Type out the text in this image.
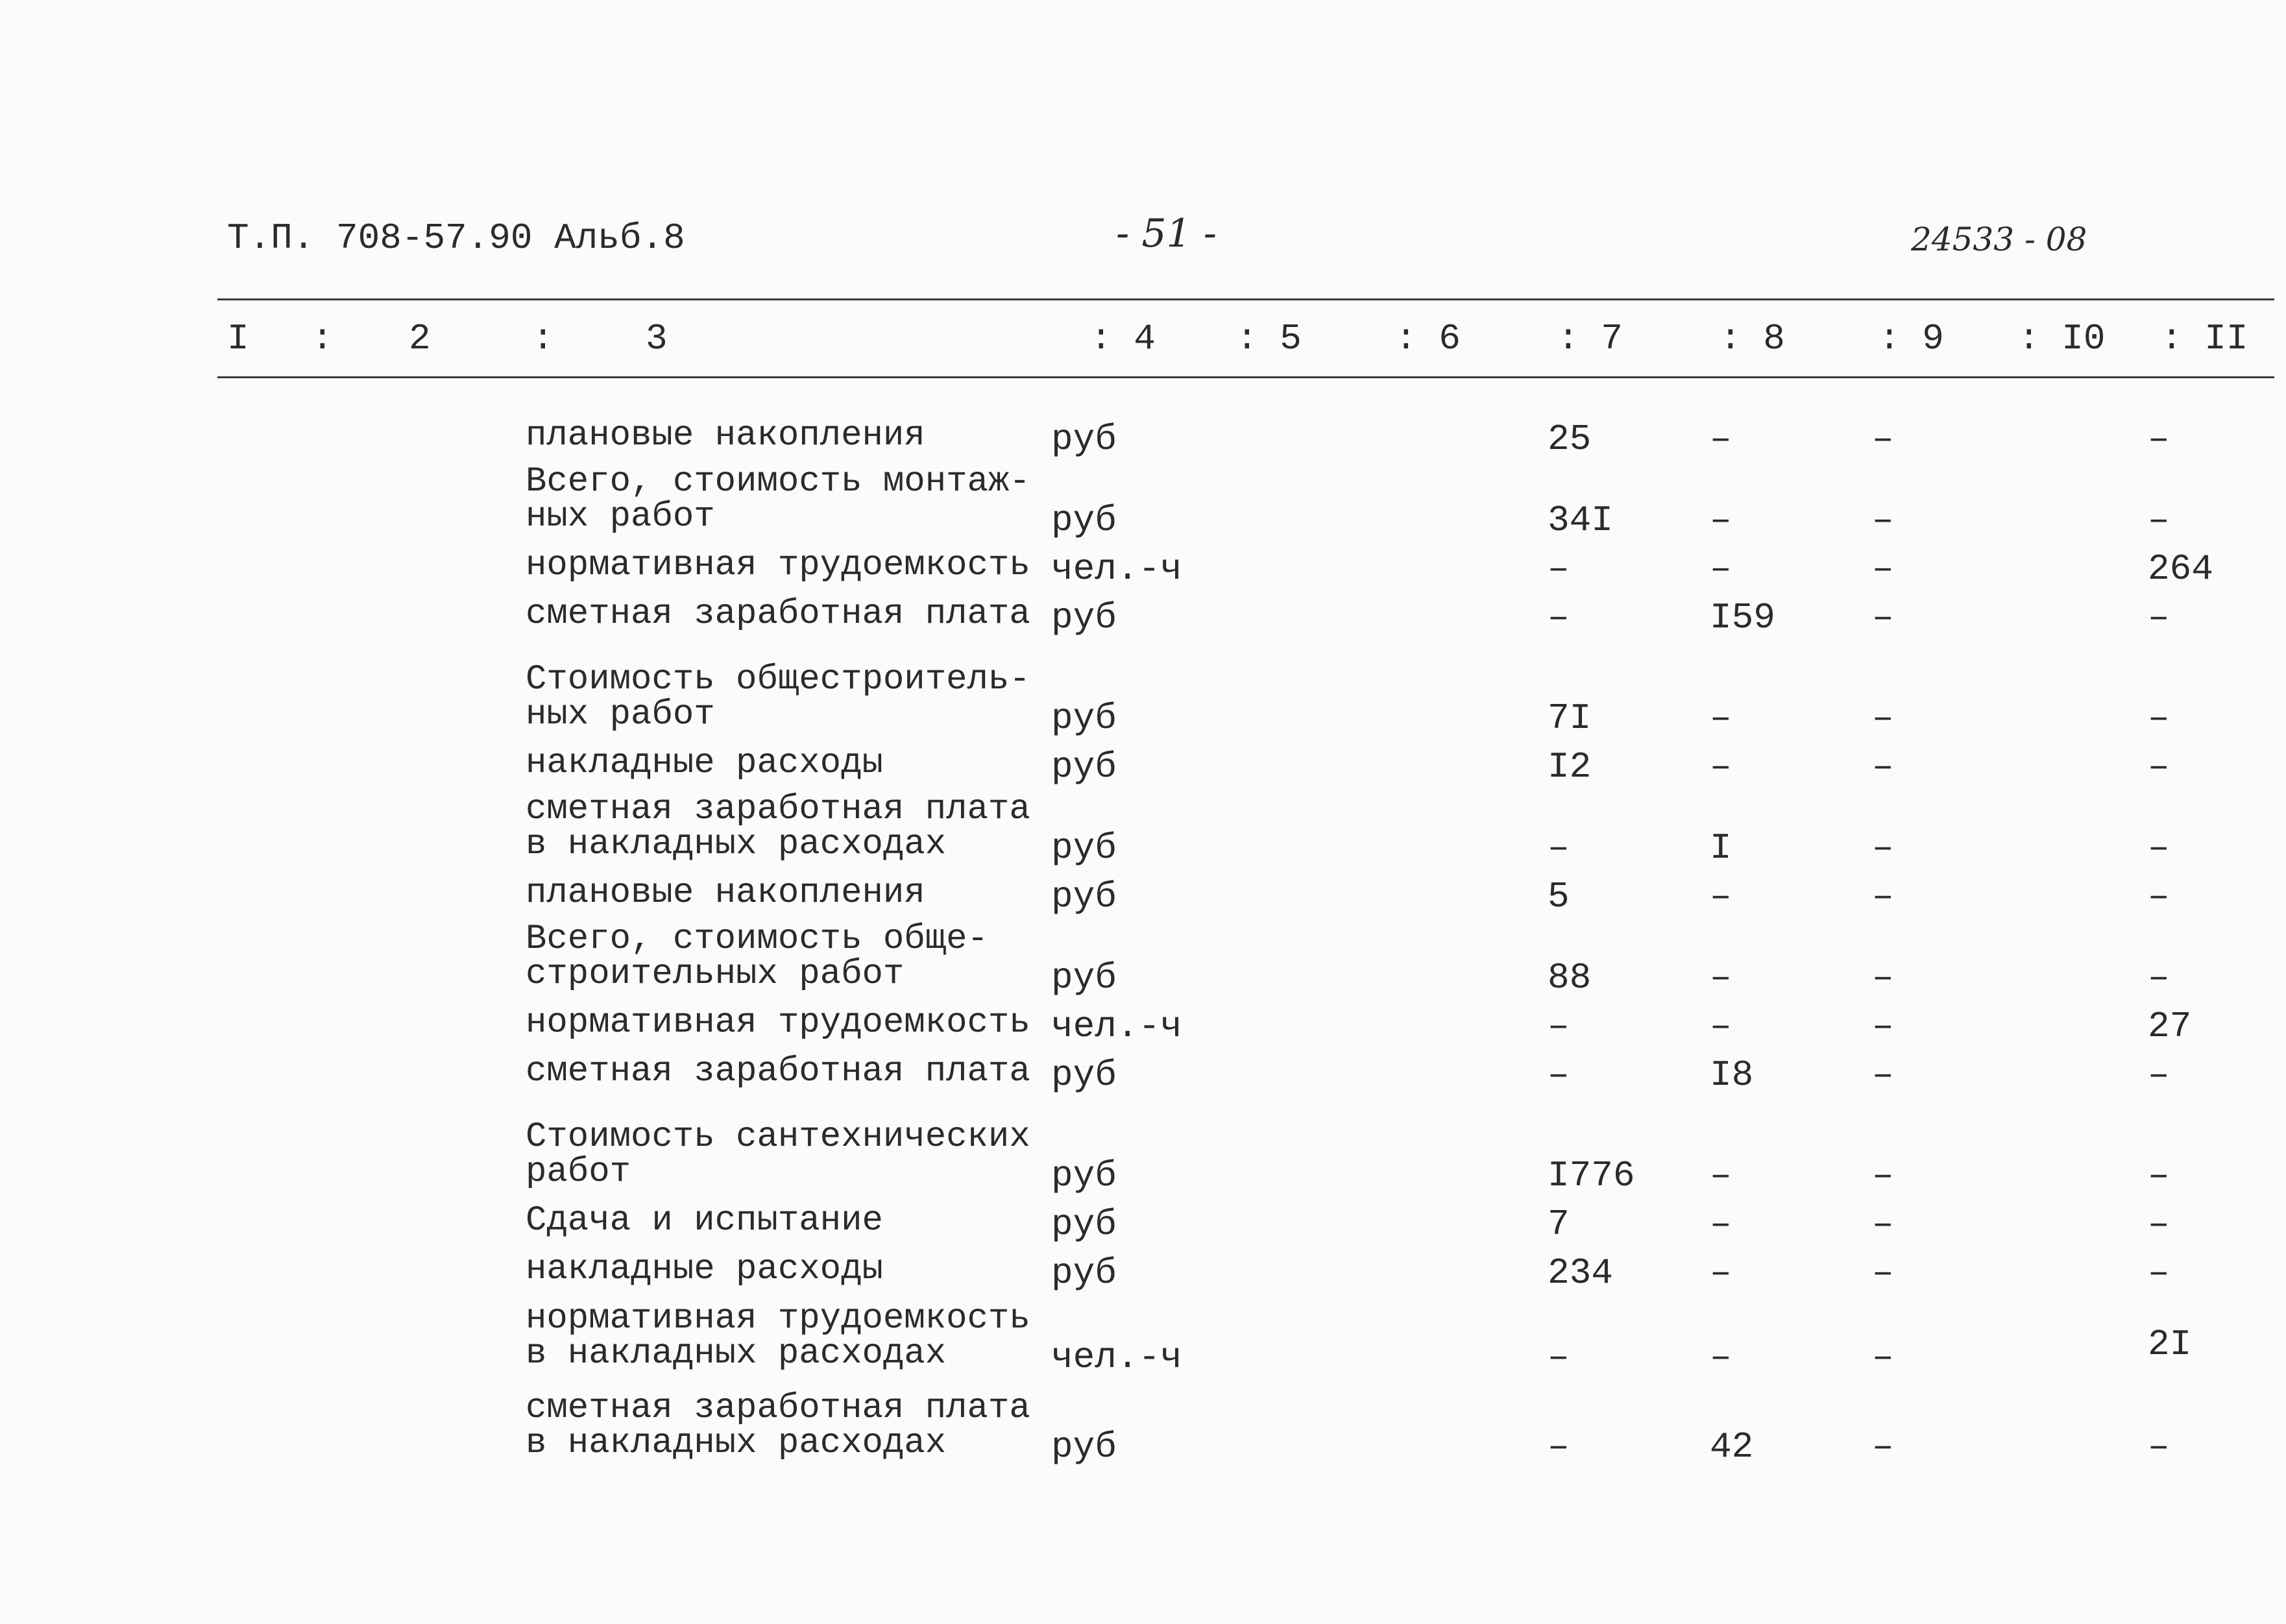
Т.П. 708-57.90 Альб.8	- 51 -	24533 - 08
I : 2	:	3	: 4 : 5	: 6	: 7	: 8	: 9 : I0 : II
плановые накопления	руб	25	–	–	–
Всего, стоимость монтаж-
ных работ	руб	34I	–	–	–
нормативная трудоемкость чел.-ч	–	–	–	264
сметная заработная плата руб	–	I59	–	–
Стоимость общестроитель-
ных работ	руб	7I	–	–	–
накладные расходы	руб	I2	–	–	–
сметная заработная плата
в накладных расходах	руб	–	I	–	–
плановые накопления	руб	5	–	–	–
Всего, стоимость обще-
строительных работ	руб	88	–	–	–
нормативная трудоемкость чел.-ч	–	–	–	27
сметная заработная плата руб	–	I8	–	–
Стоимость сантехнических
работ	руб	I776 –	–	–
Сдача и испытание	руб	7	–	–	–
накладные расходы	руб	234	–	–	–
нормативная трудоемкость
в накладных расходах	чел.-ч	–	–	–	2I
сметная заработная плата
в накладных расходах	руб	–	42	–	–
